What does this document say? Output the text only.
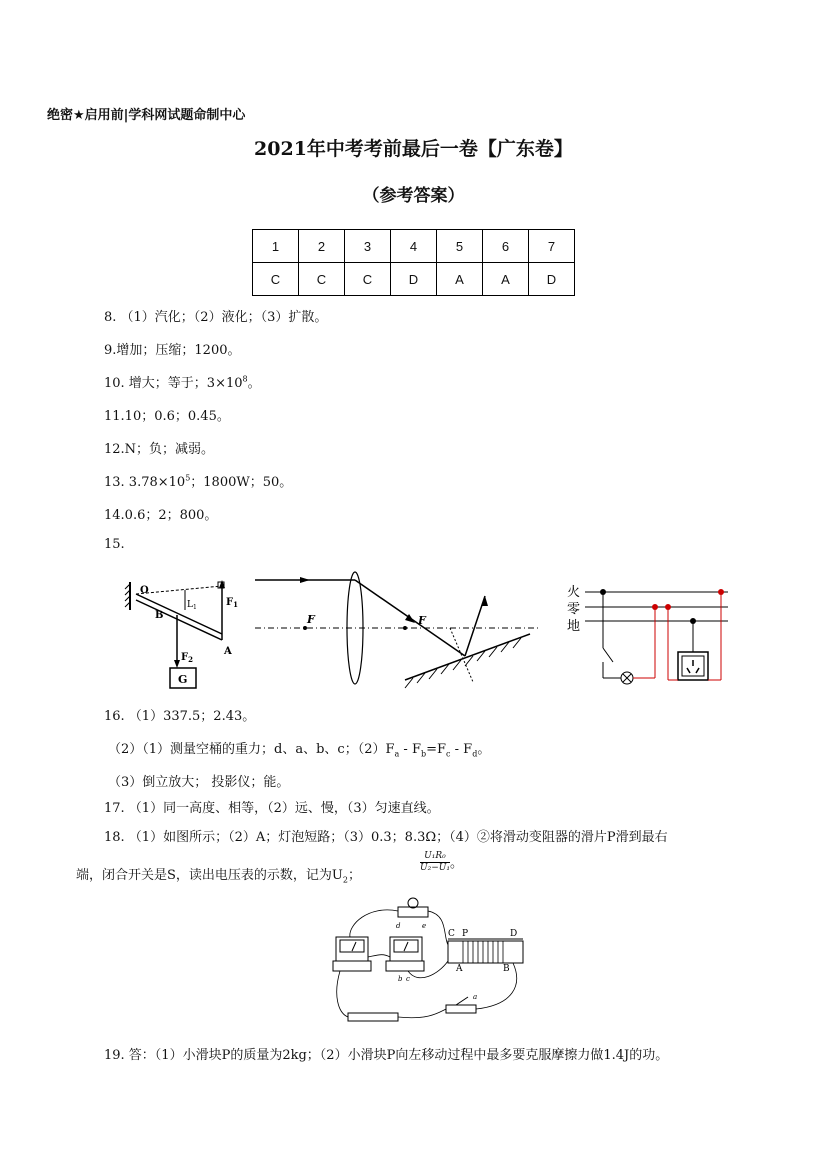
绝密★启用前|学科网试题命制中心
2021年中考考前最后一卷【广东卷】
（参考答案）
1	2	3	4	5	6	7
C	C	C	D	A	A	D
8. （1）汽化；（2）液化；（3）扩散。
9.增加；压缩；1200。
10. 增大；等于；$3\times 10^8$。
11.10；0.6；0.45。
12.N；负；减弱。
13. $3.78\times 10^5$；1800W；50。
14.0.6；2；800。
15.
O
B
$L_1$	$F_1$
A
$F_2$
G
F	F
火
零
地
16. （1）337.5；2.43。
（2）（1）测量空桶的重力；d、a、b、c；$(2)F_a - F_b=F_c - F_d$。
（3）倒立放大； 投影仪；能。
17. （1）同一高度、相等，（2）远、慢，（3）匀速直线。
18. （1）如图所示；（2）A；灯泡短路；（3）0.3；8.3Ω；（4）②将滑动变阻器的滑片P滑到最右
端，闭合开关是S，读出电压表的示数，记为$U_2$；
$\frac{\text{U₁R₀}}{\text{U₂−U₁}}$ 。
C P	D
A	B
d	e
b c
a
19. 答：（1）小滑块P的质量为2kg；（2）小滑块P向左移动过程中最多要克服摩擦力做1.4J的功。
